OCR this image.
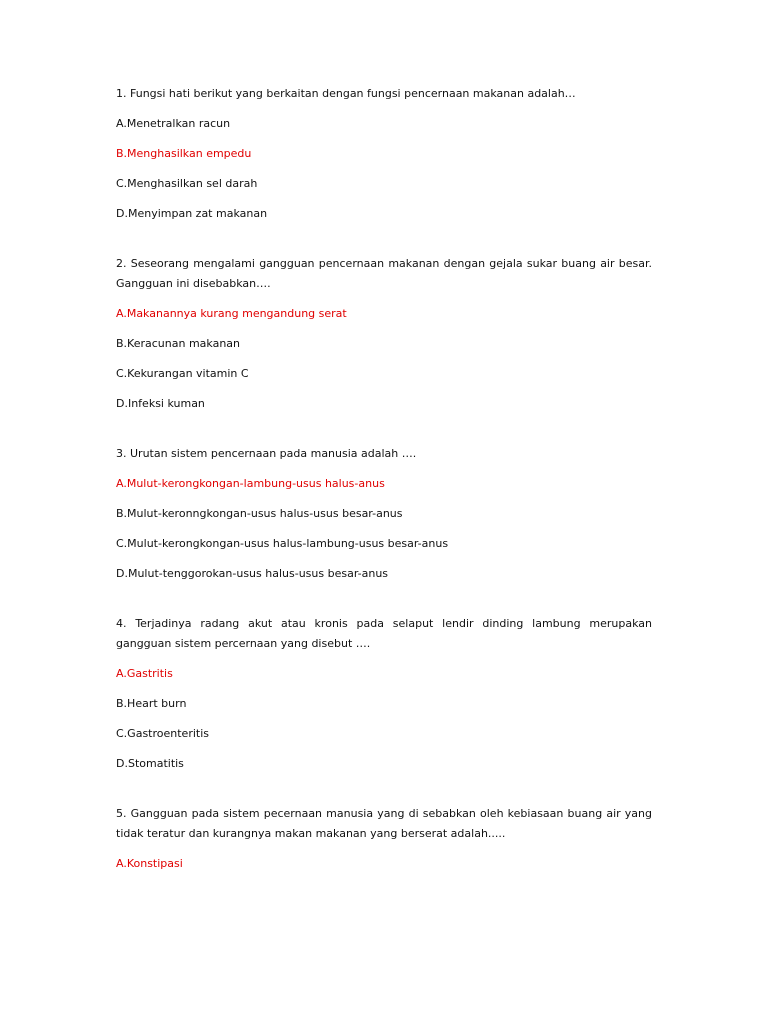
1. Fungsi hati berikut yang berkaitan dengan fungsi pencernaan makanan adalah…

A.Menetralkan racun

B.Menghasilkan empedu

C.Menghasilkan sel darah

D.Menyimpan zat makanan

2. Seseorang mengalami gangguan pencernaan makanan dengan gejala sukar buang air besar. Gangguan ini disebabkan….

A.Makanannya kurang mengandung serat

B.Keracunan makanan

C.Kekurangan vitamin C

D.Infeksi kuman

3. Urutan sistem pencernaan pada manusia adalah ….

A.Mulut-kerongkongan-lambung-usus halus-anus

B.Mulut-keronngkongan-usus halus-usus besar-anus

C.Mulut-kerongkongan-usus halus-lambung-usus besar-anus

D.Mulut-tenggorokan-usus halus-usus besar-anus

4. Terjadinya radang akut atau kronis pada selaput lendir dinding lambung merupakan gangguan sistem percernaan yang disebut ….

A.Gastritis

B.Heart burn

C.Gastroenteritis

D.Stomatitis

5. Gangguan pada sistem pecernaan manusia yang di sebabkan oleh kebiasaan buang air yang tidak teratur dan kurangnya makan makanan yang berserat adalah.....

A.Konstipasi
